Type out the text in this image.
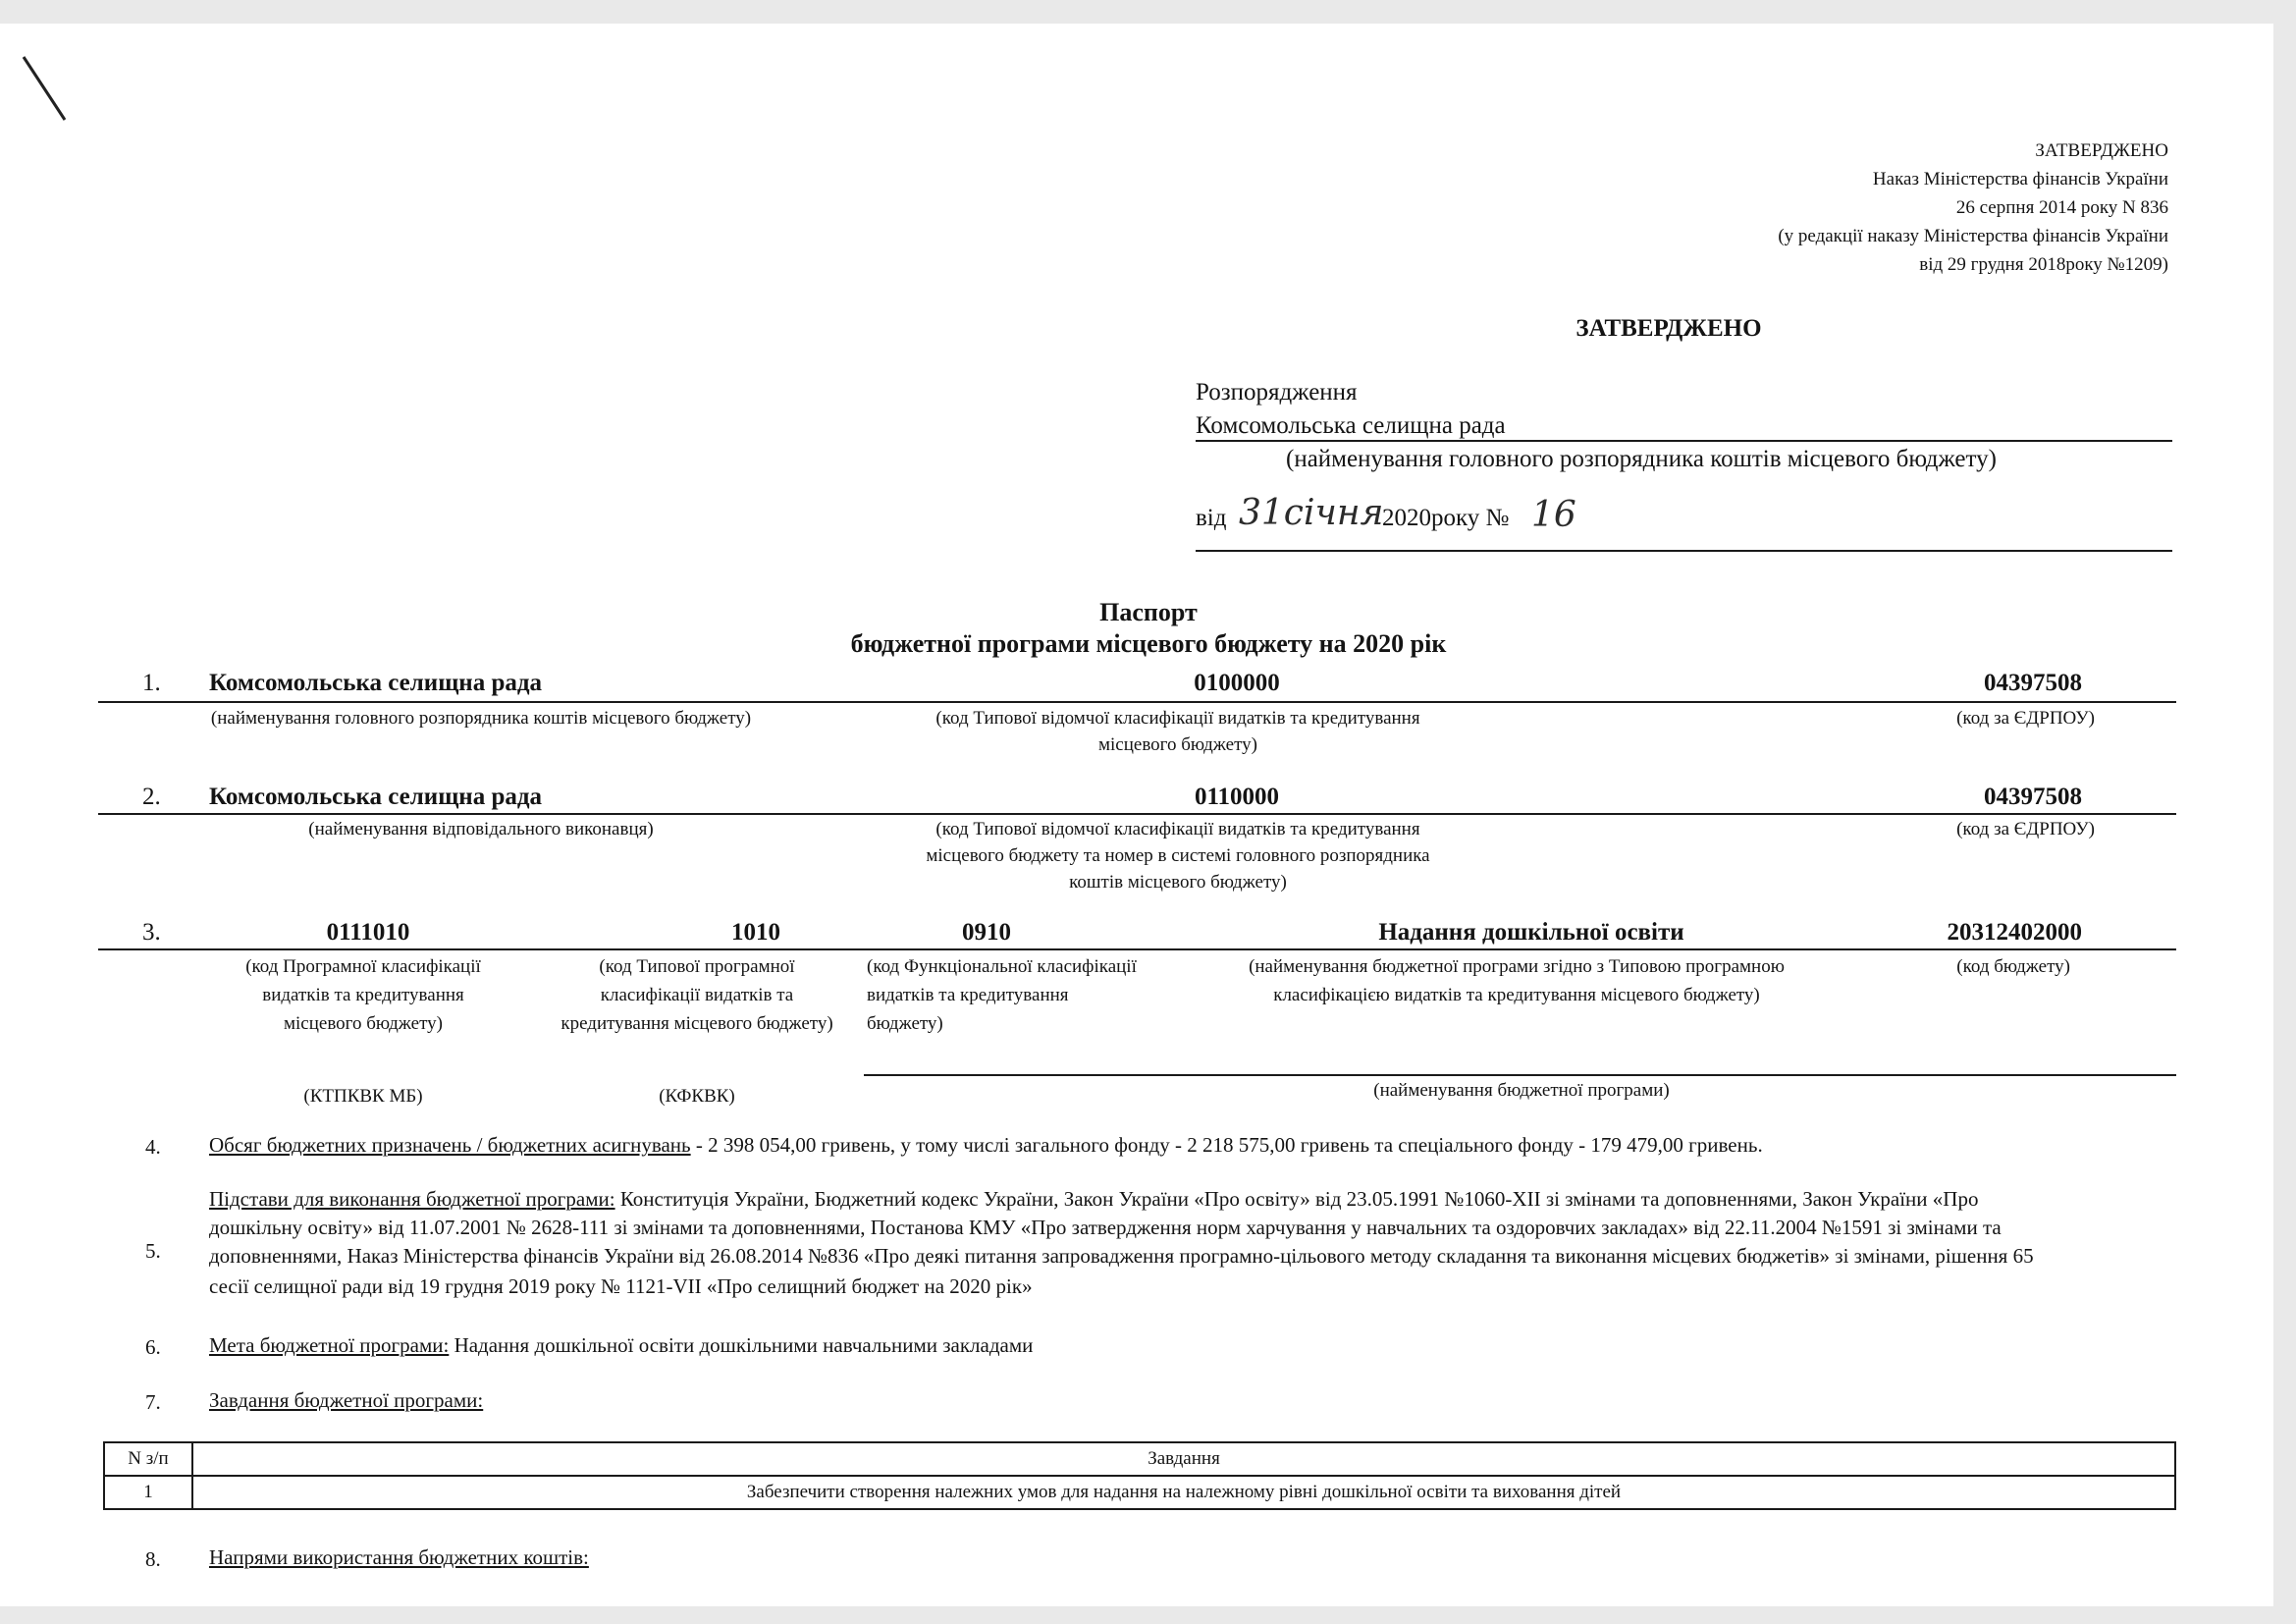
ЗАТВЕРДЖЕНО
Наказ Міністерства фінансів України
26 серпня 2014 року N 836
(у редакції наказу Міністерства фінансів України
від 29 грудня 2018року №1209)
ЗАТВЕРДЖЕНО
Розпорядження
Комсомольська селищна рада
(найменування головного розпорядника коштів місцевого бюджету)
від 31січня
2020року № 16
Паспорт
бюджетної програми місцевого бюджету на 2020 рік
1. Комсомольська селищна рада	0100000	04397508
(найменування головного розпорядника коштів місцевого бюджету)	(код Типової відомчої класифікації видатків та кредитування
місцевого бюджету)
(код за ЄДРПОУ)
2. Комсомольська селищна рада	0110000	04397508
(найменування відповідального виконавця)	(код Типової відомчої класифікації видатків та кредитування
місцевого бюджету та номер в системі головного розпорядника
коштів місцевого бюджету)
(код за ЄДРПОУ)
3.	0111010	1010	0910	Надання дошкільної освіти	20312402000
(код Програмної класифікації
видатків та кредитування
місцевого бюджету)
(код Типової програмної
класифікації видатків та
кредитування місцевого бюджету)
(код Функціональної класифікації
видатків та кредитування
бюджету)
(найменування бюджетної програми згідно з Типовою програмною
класифікацією видатків та кредитування місцевого бюджету)
(код бюджету)
(КТПКВК МБ)	(КФКВК)	(найменування бюджетної програми)
4. Обсяг бюджетних призначень / бюджетних асигнувань - 2 398 054,00 гривень, у тому числі загального фонду - 2 218 575,00 гривень та спеціального фонду - 179 479,00 гривень.
5.
Підстави для виконання бюджетної програми: Конституція України, Бюджетний кодекс України, Закон України «Про освіту» від 23.05.1991 №1060-XII зі змінами та доповненнями, Закон України «Про
дошкільну освіту» від 11.07.2001 № 2628-111 зі змінами та доповненнями, Постанова КМУ «Про затвердження норм харчування у навчальних та оздоровчих закладах» від 22.11.2004 №1591 зі змінами та
доповненнями, Наказ Міністерства фінансів України від 26.08.2014 №836 «Про деякі питання запровадження програмно-цільового методу складання та виконання місцевих бюджетів» зі змінами, рішення 65
сесії селищної ради від 19 грудня 2019 року № 1121-VII «Про селищний бюджет на 2020 рік»
6. Мета бюджетної програми: Надання дошкільної освіти дошкільними навчальними закладами
7. Завдання бюджетної програми:
N з/п	Завдання
1	Забезпечити створення належних умов для надання на належному рівні дошкільної освіти та виховання дітей
8. Напрями використання бюджетних коштів:
